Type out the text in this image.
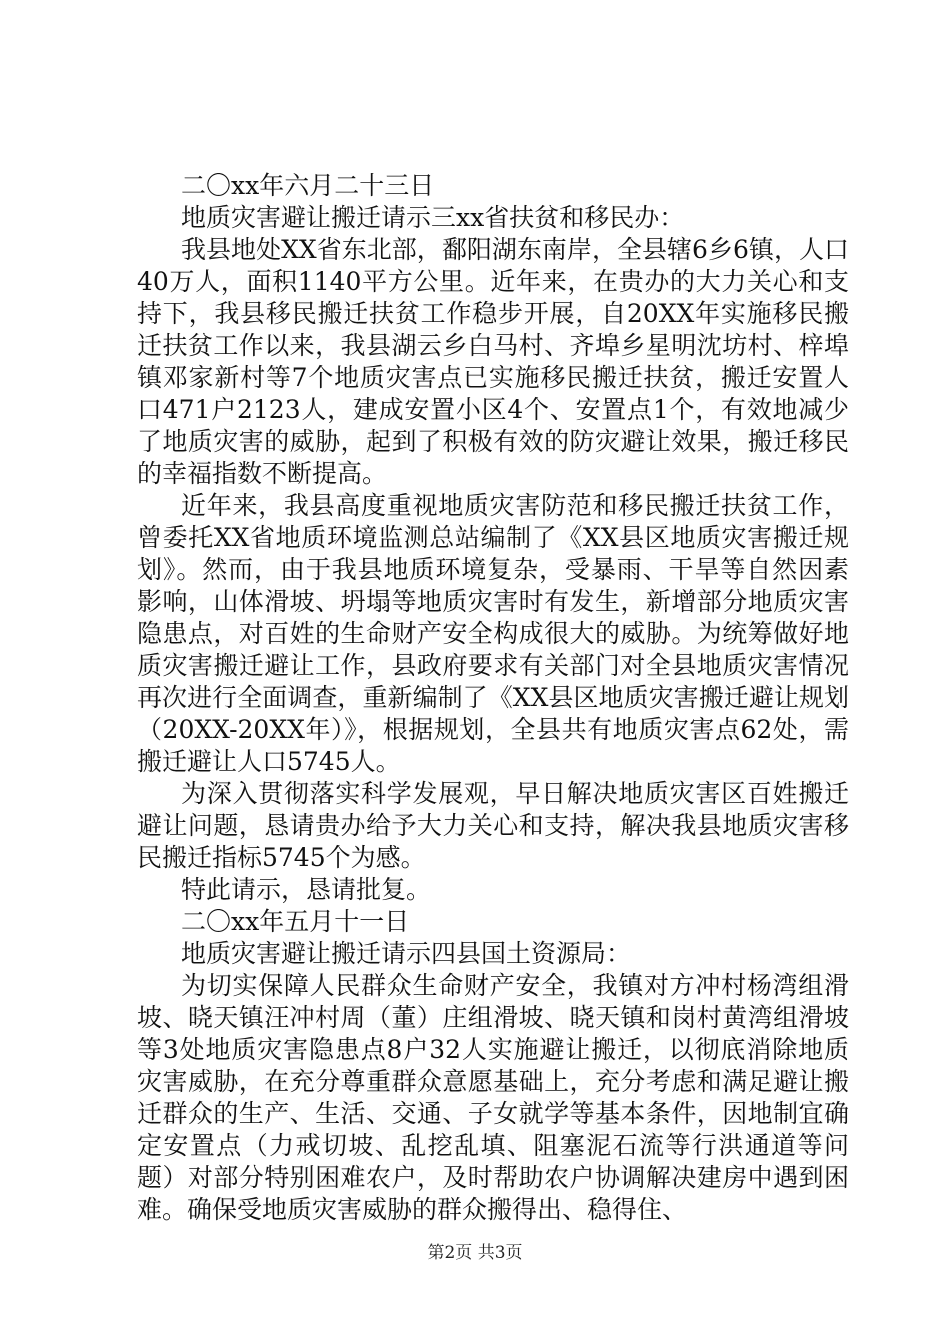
二〇xx年六月二十三日

地质灾害避让搬迁请示三xx省扶贫和移民办：

我县地处XX省东北部，鄱阳湖东南岸，全县辖6乡6镇，人口40万人，面积1140平方公里。近年来，在贵办的大力关心和支持下，我县移民搬迁扶贫工作稳步开展，自20XX年实施移民搬迁扶贫工作以来，我县湖云乡白马村、齐埠乡星明沈坊村、梓埠镇邓家新村等7个地质灾害点已实施移民搬迁扶贫，搬迁安置人口471户2123人，建成安置小区4个、安置点1个，有效地减少了地质灾害的威胁，起到了积极有效的防灾避让效果，搬迁移民的幸福指数不断提高。

近年来，我县高度重视地质灾害防范和移民搬迁扶贫工作，曾委托XX省地质环境监测总站编制了《XX县区地质灾害搬迁规划》。然而，由于我县地质环境复杂，受暴雨、干旱等自然因素影响，山体滑坡、坍塌等地质灾害时有发生，新增部分地质灾害隐患点，对百姓的生命财产安全构成很大的威胁。为统筹做好地质灾害搬迁避让工作，县政府要求有关部门对全县地质灾害情况再次进行全面调查，重新编制了《XX县区地质灾害搬迁避让规划（20XX-20XX年）》，根据规划，全县共有地质灾害点62处，需搬迁避让人口5745人。

为深入贯彻落实科学发展观，早日解决地质灾害区百姓搬迁避让问题，恳请贵办给予大力关心和支持，解决我县地质灾害移民搬迁指标5745个为感。

特此请示，恳请批复。

二〇xx年五月十一日

地质灾害避让搬迁请示四县国土资源局：

为切实保障人民群众生命财产安全，我镇对方冲村杨湾组滑坡、晓天镇汪冲村周（董）庄组滑坡、晓天镇和岗村黄湾组滑坡等3处地质灾害隐患点8户32人实施避让搬迁，以彻底消除地质灾害威胁，在充分尊重群众意愿基础上，充分考虑和满足避让搬迁群众的生产、生活、交通、子女就学等基本条件，因地制宜确定安置点（力戒切坡、乱挖乱填、阻塞泥石流等行洪通道等问题）对部分特别困难农户，及时帮助农户协调解决建房中遇到困难。确保受地质灾害威胁的群众搬得出、稳得住、

第2页 共3页
